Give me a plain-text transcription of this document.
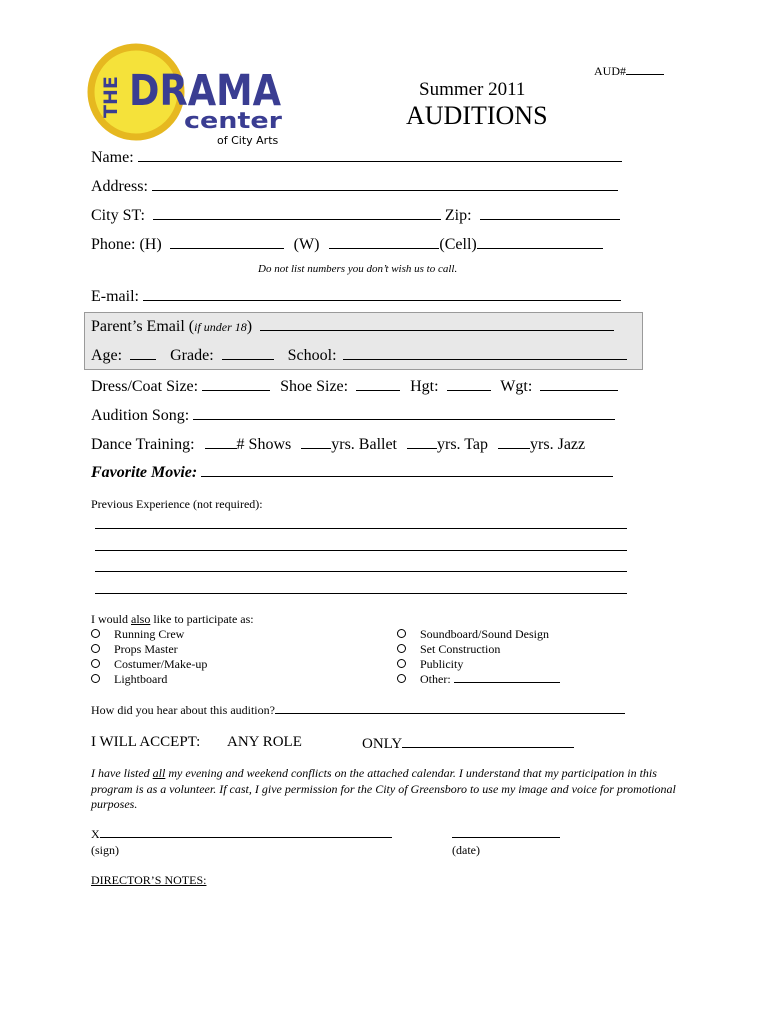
THE DRAMA
center
of City Arts
AUD#
Summer 2011
AUDITIONS
Name:
Address:
City ST:	Zip:
Phone: (H)	(W)	(Cell)
Do not list numbers you don’t wish us to call.
E-mail:
Parent’s Email (if under 18)
Age:	Grade:	School:
Dress/Coat Size:	Shoe Size:	Hgt:	Wgt:
Audition Song:
Dance Training:	# Shows	yrs. Ballet	yrs. Tap	yrs. Jazz
Favorite Movie:
Previous Experience (not required):
I would also like to participate as:
Running Crew
Props Master
Costumer/Make-up
Lightboard
Soundboard/Sound Design
Set Construction
Publicity
Other:
How did you hear about this audition?
I WILL ACCEPT: ANY ROLE	ONLY
I have listed all my evening and weekend conflicts on the attached calendar. I understand that my participation in this program is as a volunteer. If cast, I give permission for the City of Greensboro to use my image and voice for promotional purposes.
X
(sign)	(date)
DIRECTOR’S NOTES:
